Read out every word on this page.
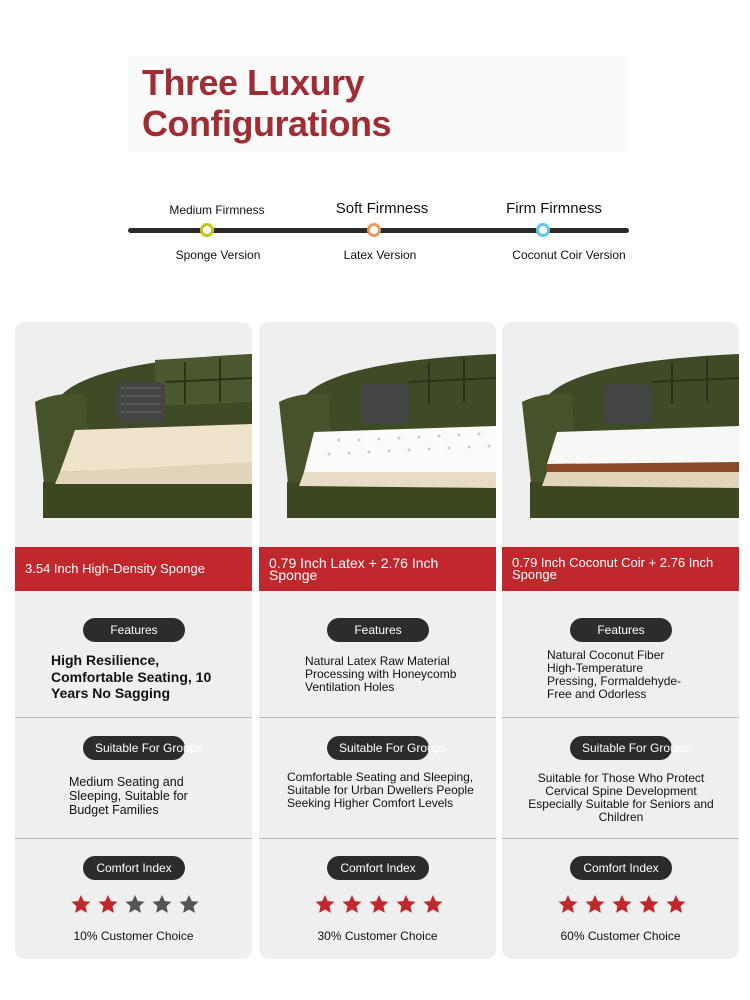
Three Luxury
Configurations
Medium Firmness
Sponge Version
Soft Firmness
Latex Version
Firm Firmness
Coconut Coir Version
3.54 Inch High-Density Sponge
Features
High Resilience, Comfortable Seating, 10 Years No Sagging
Suitable For Groups
Medium Seating and Sleeping, Suitable for Budget Families
Comfort Index
10% Customer Choice
0.79 Inch Latex + 2.76 Inch Sponge
Features
Natural Latex Raw Material Processing with Honeycomb Ventilation Holes
Suitable For Groups
Comfortable Seating and Sleeping, Suitable for Urban Dwellers People Seeking Higher Comfort Levels
Comfort Index
30% Customer Choice
0.79 Inch Coconut Coir + 2.76 Inch Sponge
Features
Natural Coconut Fiber High-Temperature Pressing, Formaldehyde-Free and Odorless
Suitable For Groups
Suitable for Those Who Protect Cervical Spine Development Especially Suitable for Seniors and Children
Comfort Index
60% Customer Choice
